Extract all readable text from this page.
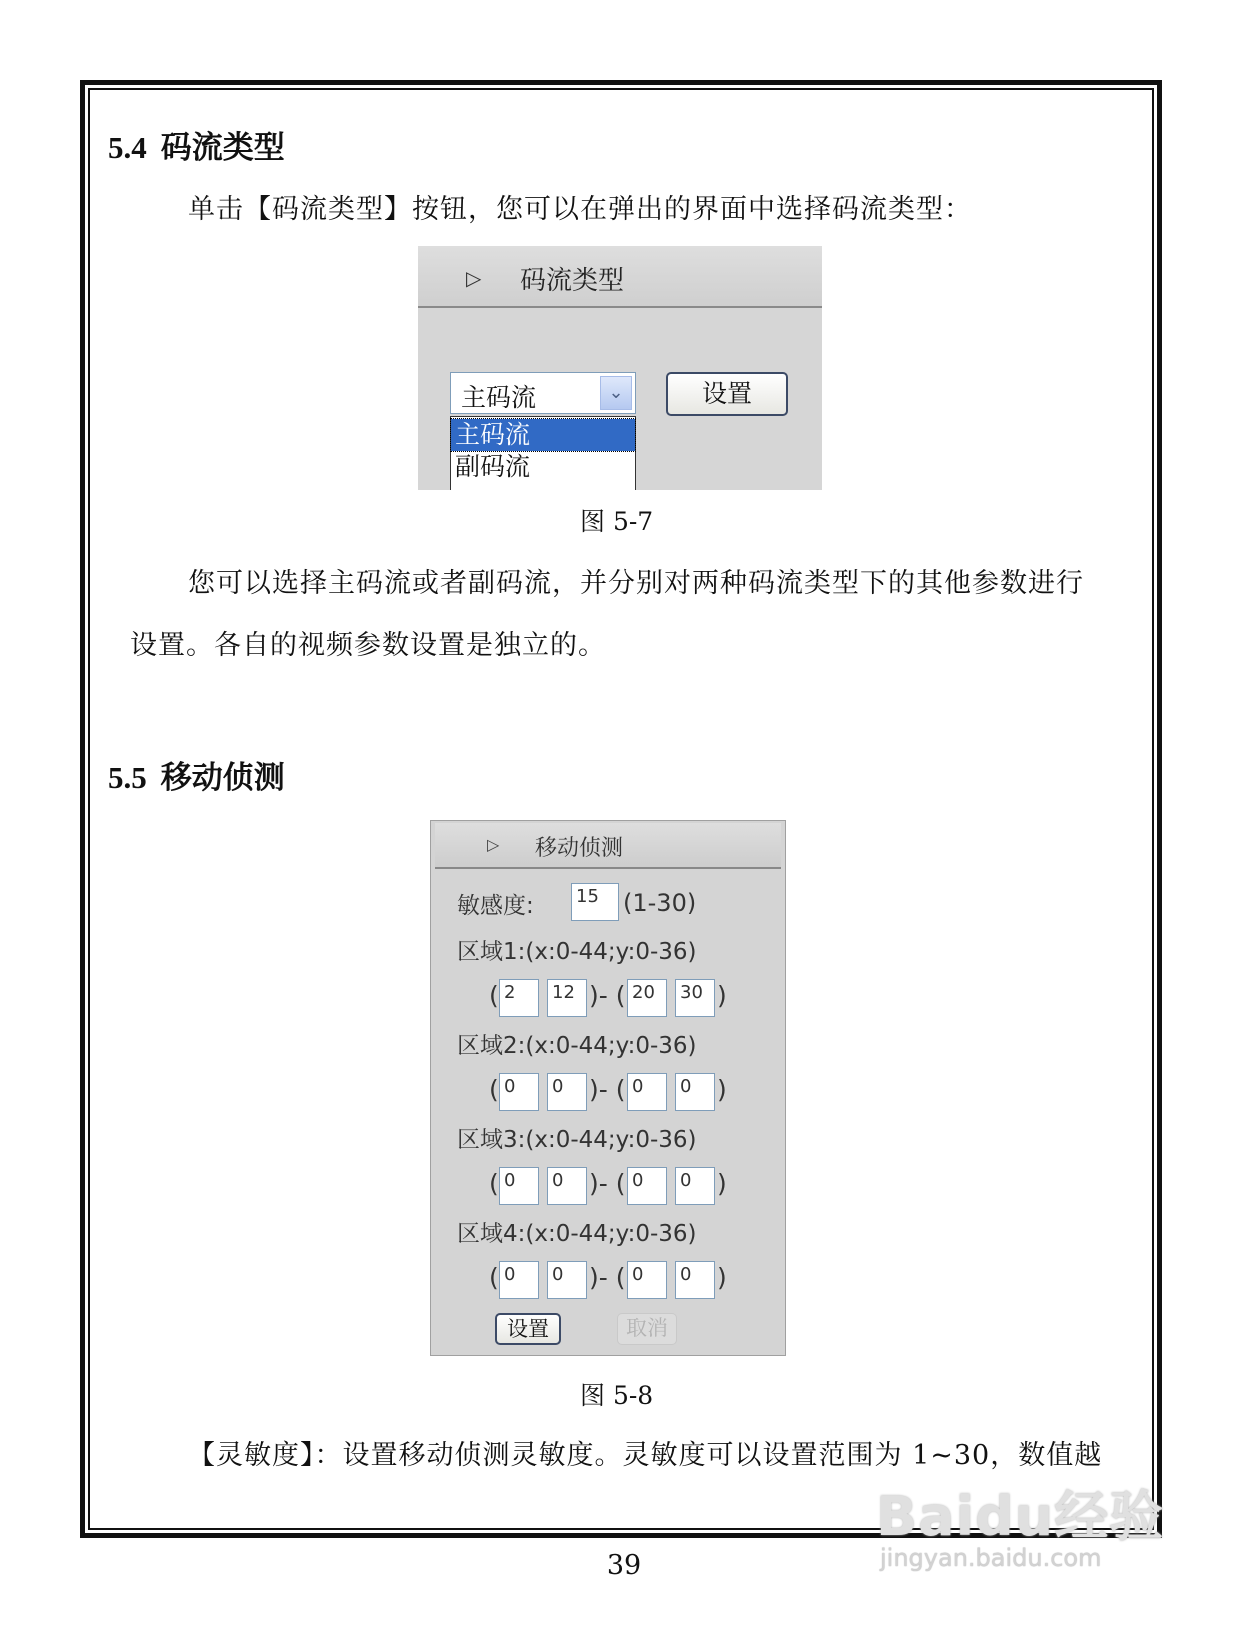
5.4 码流类型
单击【码流类型】按钮，您可以在弹出的界面中选择码流类型：
▷ 码流类型
主码流	⌄	设置
主码流
副码流
图 5-7
您可以选择主码流或者副码流，并分别对两种码流类型下的其他参数进行
设置。各自的视频参数设置是独立的。
5.5 移动侦测
▷ 移动侦测
敏感度: 15	(1-30)
区域1:(x:0-44;y:0-36)
( 2	12 )- ( 20	30 )
区域2:(x:0-44;y:0-36)
( 0	0	)- ( 0	0	)
区域3:(x:0-44;y:0-36)
( 0	0	)- ( 0	0	)
区域4:(x:0-44;y:0-36)
( 0	0	)- ( 0	0	)
设置	取消
图 5-8
【灵敏度】：设置移动侦测灵敏度。灵敏度可以设置范围为 1~30，数值越
39
Baidu经验
jingyan.baidu.com
